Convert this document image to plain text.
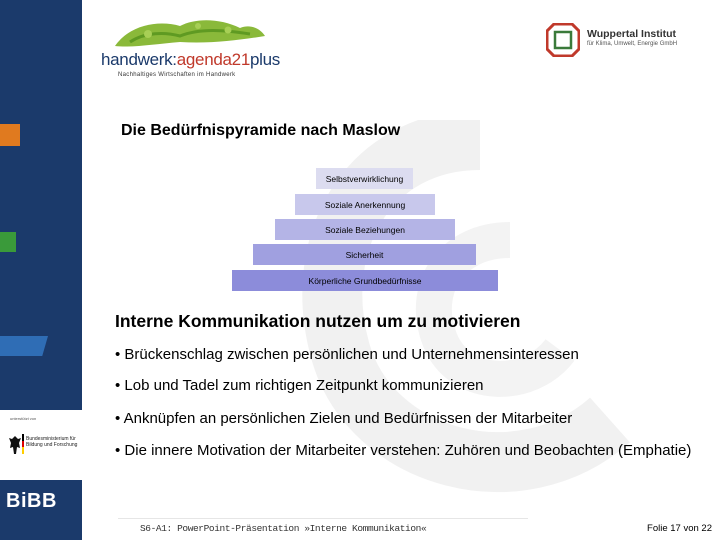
unterstützt von
Bundesministerium für Bildung und Forschung
BiBB
handwerk:agenda21plus
Nachhaltiges Wirtschaften im Handwerk
Wuppertal Institut
für Klima, Umwelt, Energie GmbH
Die Bedürfnispyramide nach Maslow
Selbstverwirklichung
Soziale Anerkennung
Soziale Beziehungen
Sicherheit
Körperliche Grundbedürfnisse
Interne Kommunikation nutzen um zu motivieren
• Brückenschlag zwischen persönlichen und Unternehmensinteressen
• Lob und Tadel zum richtigen Zeitpunkt kommunizieren
• Anknüpfen an persönlichen Zielen und Bedürfnissen der Mitarbeiter
• Die innere Motivation der Mitarbeiter verstehen: Zuhören und Beobachten (Emphatie)
S6-A1: PowerPoint-Präsentation »Interne Kommunikation«	Folie 17 von 22
